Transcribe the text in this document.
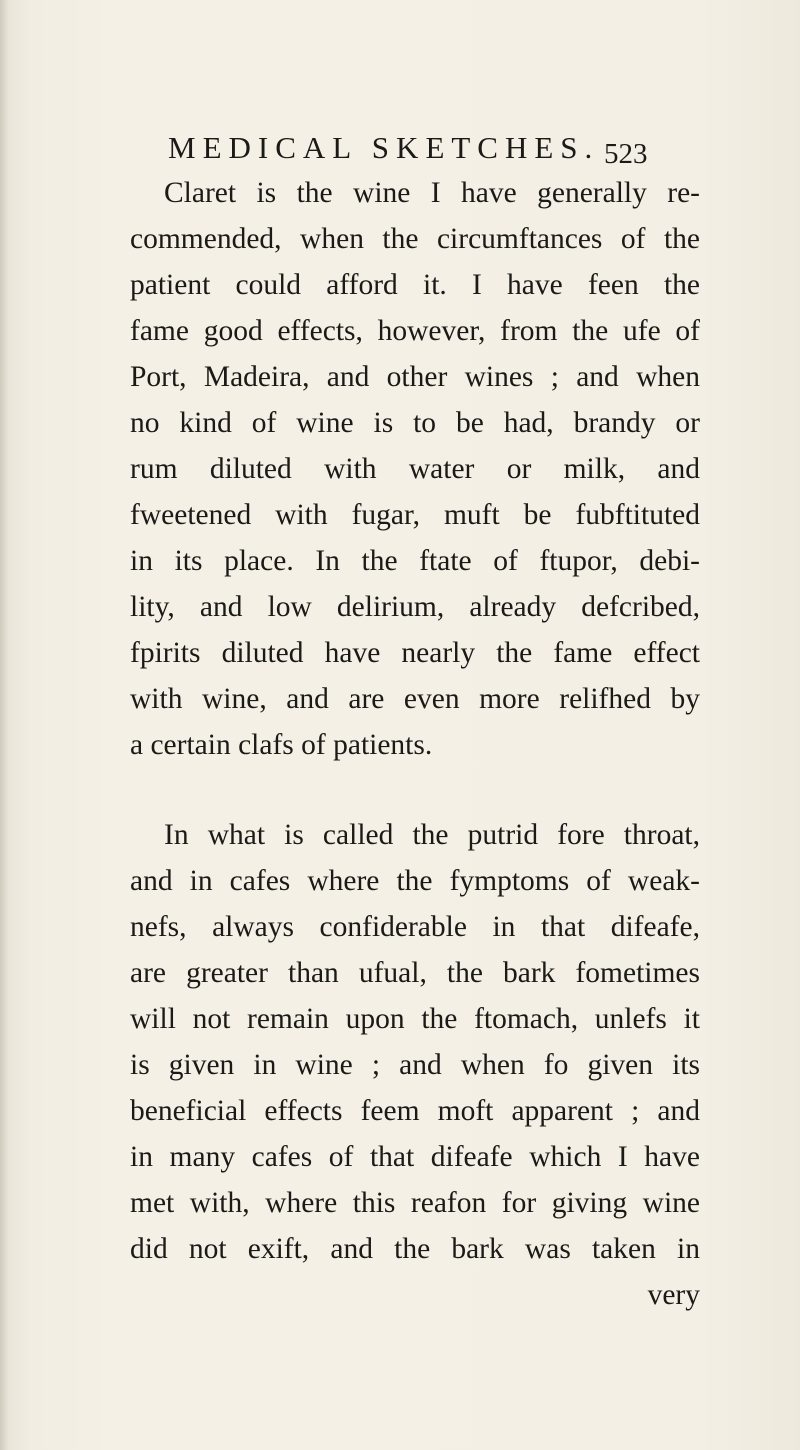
MEDICAL SKETCHES. 523
Claret is the wine I have generally re-
commended, when the circumftances of the
patient could afford it. I have feen the
fame good effects, however, from the ufe of
Port, Madeira, and other wines ; and when
no kind of wine is to be had, brandy or
rum diluted with water or milk, and
fweetened with fugar, muft be fubftituted
in its place. In the ftate of ftupor, debi-
lity, and low delirium, already defcribed,
fpirits diluted have nearly the fame effect
with wine, and are even more relifhed by
a certain clafs of patients.
In what is called the putrid fore throat,
and in cafes where the fymptoms of weak-
nefs, always confiderable in that difeafe,
are greater than ufual, the bark fometimes
will not remain upon the ftomach, unlefs it
is given in wine ; and when fo given its
beneficial effects feem moft apparent ; and
in many cafes of that difeafe which I have
met with, where this reafon for giving wine
did not exift, and the bark was taken in
very
